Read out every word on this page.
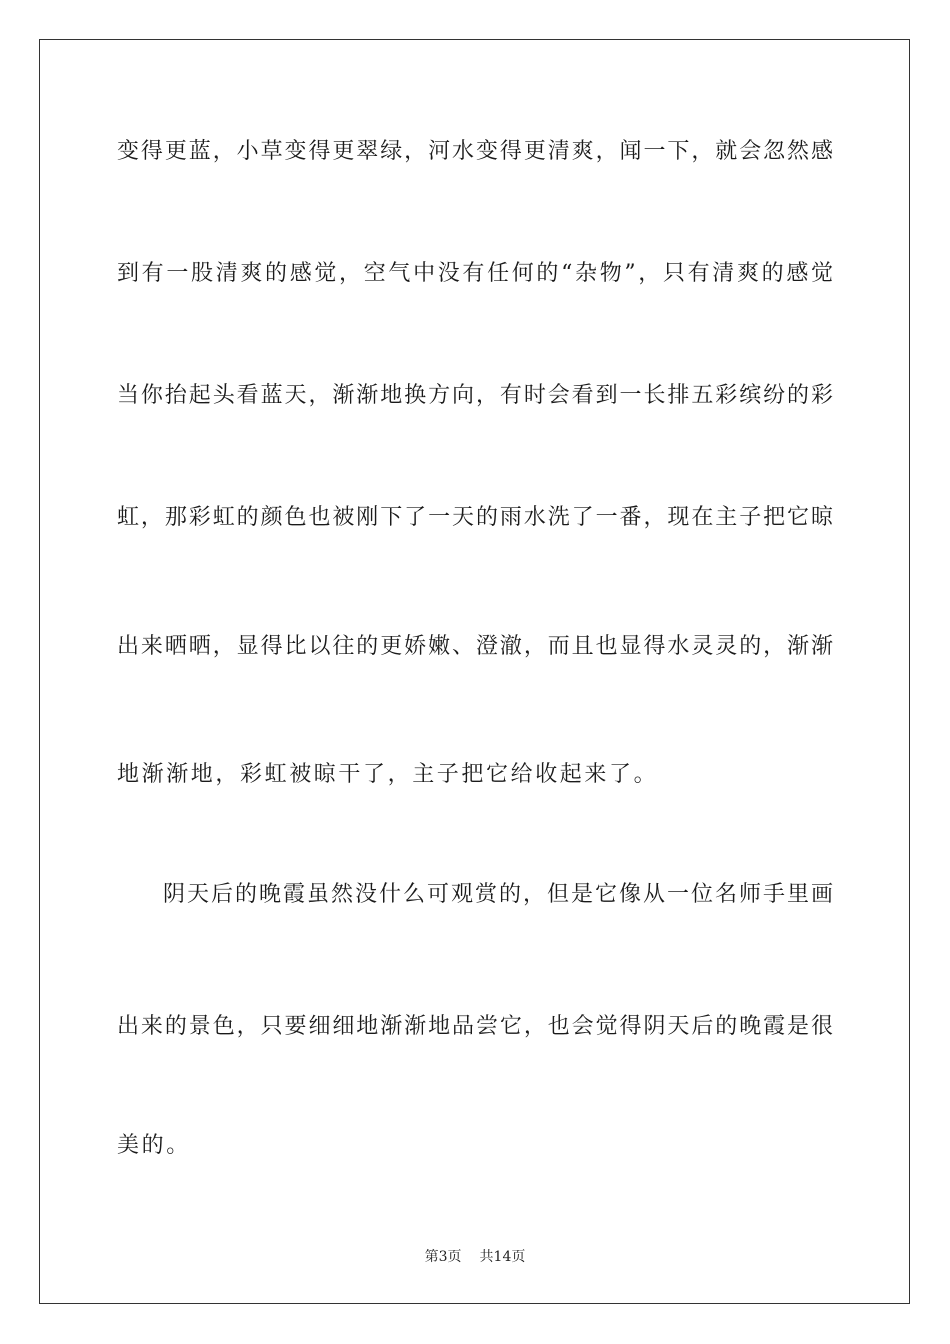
变得更蓝，小草变得更翠绿，河水变得更清爽，闻一下，就会忽然感
到有一股清爽的感觉，空气中没有任何的“杂物”，只有清爽的感觉
当你抬起头看蓝天，渐渐地换方向，有时会看到一长排五彩缤纷的彩
虹，那彩虹的颜色也被刚下了一天的雨水洗了一番，现在主子把它晾
出来晒晒，显得比以往的更娇嫩、澄澈，而且也显得水灵灵的，渐渐
地渐渐地，彩虹被晾干了，主子把它给收起来了。
阴天后的晚霞虽然没什么可观赏的，但是它像从一位名师手里画
出来的景色，只要细细地渐渐地品尝它，也会觉得阴天后的晚霞是很
美的。
第3页 共14页
